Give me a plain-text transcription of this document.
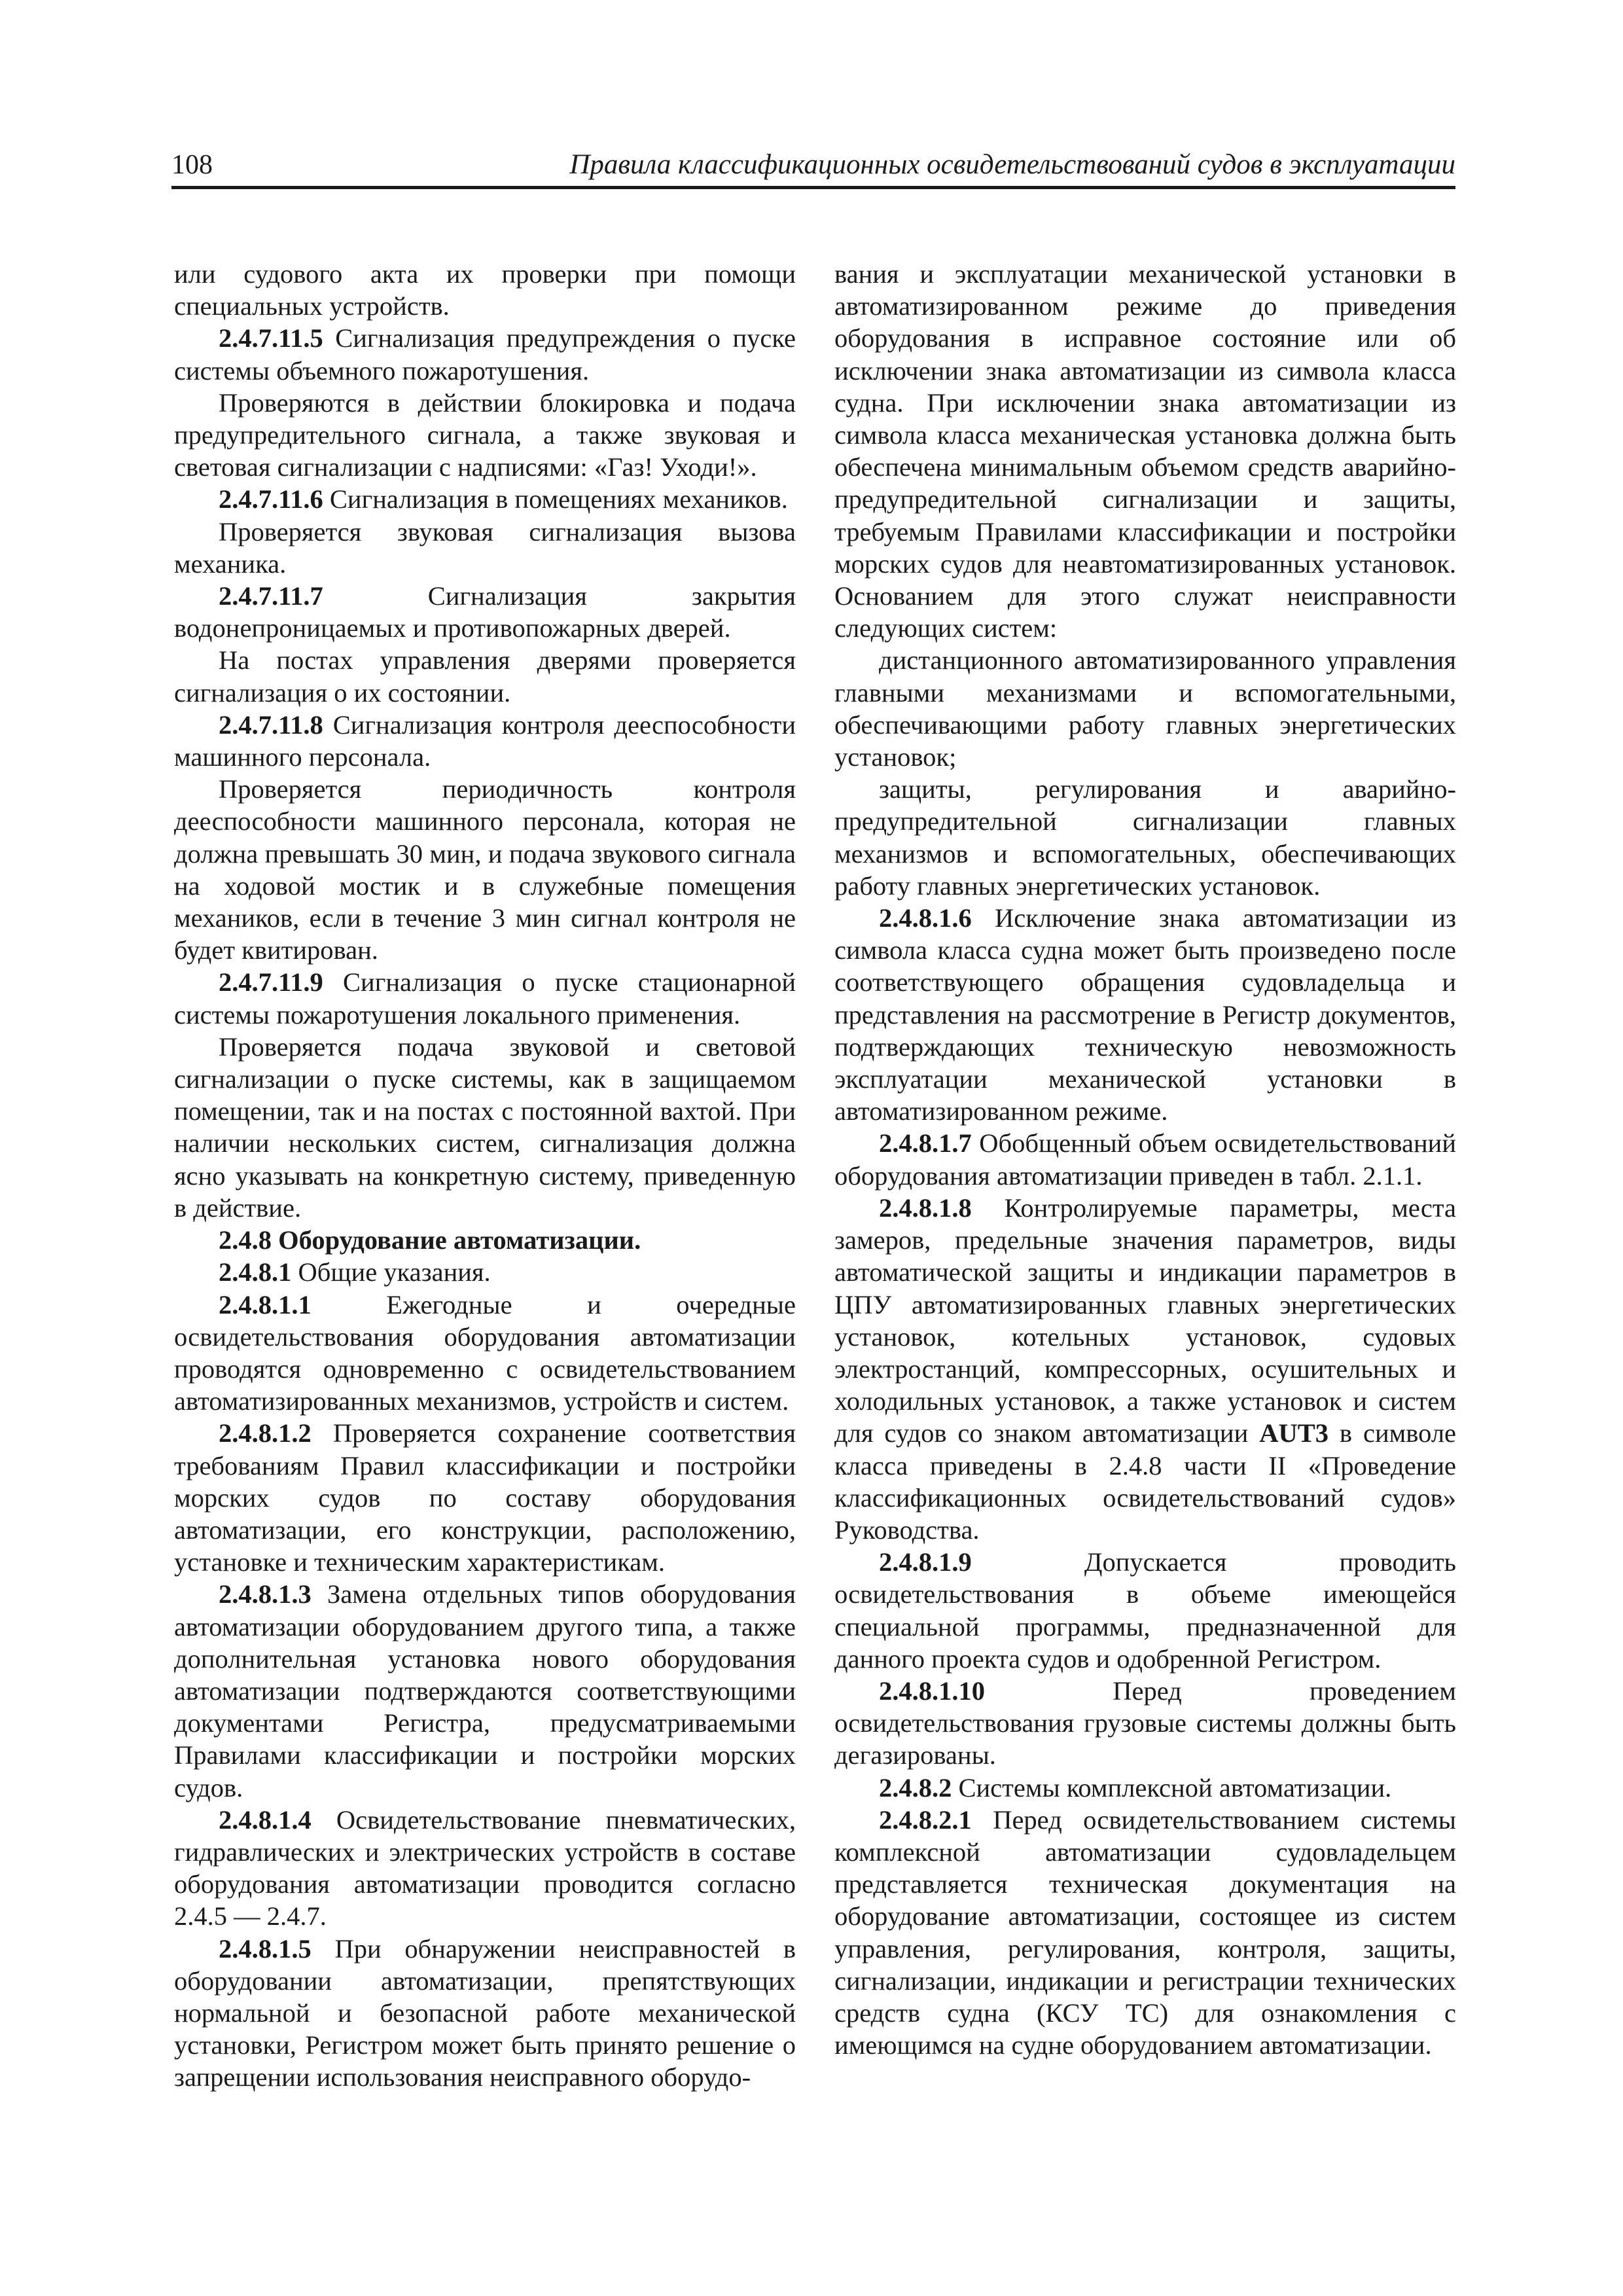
108	Правила классификационных освидетельствований судов в эксплуатации

или судового акта их проверки при помощи специальных устройств.

2.4.7.11.5 Сигнализация предупреждения о пуске системы объемного пожаротушения.

Проверяются в действии блокировка и подача предупредительного сигнала, а также звуковая и световая сигнализации с надписями: «Газ! Уходи!».

2.4.7.11.6 Сигнализация в помещениях механиков.

Проверяется звуковая сигнализация вызова механика.

2.4.7.11.7	Сигнализация закрытия водонепроницаемых и противопожарных дверей.

На постах управления дверями проверяется сигнализация о их состоянии.

2.4.7.11.8 Сигнализация контроля дееспособности машинного персонала.

Проверяется периодичность контроля дееспособности машинного персонала, которая не должна превышать 30 мин, и подача звукового сигнала на ходовой мостик и в служебные помещения механиков, если в течение 3 мин сигнал контроля не будет квитирован.

2.4.7.11.9 Сигнализация о пуске стационарной системы пожаротушения локального применения.

Проверяется подача звуковой и световой сигнализации о пуске системы, как в защищаемом помещении, так и на постах с постоянной вахтой. При наличии нескольких систем, сигнализация должна ясно указывать на конкретную систему, приведенную в действие.

2.4.8 Оборудование автоматизации.

2.4.8.1 Общие указания.

2.4.8.1.1	Ежегодные и очередные освидетельствования оборудования автоматизации проводятся одновременно с освидетельствованием автоматизированных механизмов, устройств и систем.

2.4.8.1.2 Проверяется сохранение соответствия требованиям Правил классификации и постройки морских судов по составу оборудования автоматизации, его конструкции, расположению, установке и техническим характеристикам.

2.4.8.1.3 Замена отдельных типов оборудования автоматизации оборудованием другого типа, а также дополнительная установка нового оборудования автоматизации подтверждаются соответствующими документами Регистра, предусматриваемыми Правилами классификации и постройки морских судов.

2.4.8.1.4 Освидетельствование пневматических, гидравлических и электрических устройств в составе оборудования автоматизации проводится согласно 2.4.5 — 2.4.7.

2.4.8.1.5 При обнаружении неисправностей в оборудовании автоматизации, препятствующих нормальной и безопасной работе механической установки, Регистром может быть принято решение о запрещении использования неисправного оборудо-

вания и эксплуатации механической установки в автоматизированном режиме до приведения оборудования в исправное состояние или об исключении знака автоматизации из символа класса судна. При исключении знака автоматизации из символа класса механическая установка должна быть обеспечена минимальным объемом средств аварийно-предупредительной сигнализации и защиты, требуемым Правилами классификации и постройки морских судов для неавтоматизированных установок. Основанием для этого служат неисправности следующих систем:

дистанционного автоматизированного управления главными механизмами и вспомогательными, обеспечивающими работу главных энергетических установок;

защиты, регулирования и аварийно-предупредительной сигнализации главных механизмов и вспомогательных, обеспечивающих работу главных энергетических установок.

2.4.8.1.6 Исключение знака автоматизации из символа класса судна может быть произведено после соответствующего обращения судовладельца и представления на рассмотрение в Регистр документов, подтверждающих техническую невозможность эксплуатации механической установки в автоматизированном режиме.

2.4.8.1.7 Обобщенный объем освидетельствований оборудования автоматизации приведен в табл. 2.1.1.

2.4.8.1.8 Контролируемые параметры, места замеров, предельные значения параметров, виды автоматической защиты и индикации параметров в ЦПУ автоматизированных главных энергетических установок, котельных установок, судовых электростанций, компрессорных, осушительных и холодильных установок, а также установок и систем для судов со знаком автоматизации AUT3 в символе класса приведены в 2.4.8 части II «Проведение классификационных освидетельствований судов» Руководства.

2.4.8.1.9	Допускается проводить освидетельствования в объеме имеющейся специальной программы, предназначенной для данного проекта судов и одобренной Регистром.

2.4.8.1.10	Перед проведением освидетельствования грузовые системы должны быть дегазированы.

2.4.8.2 Системы комплексной автоматизации.

2.4.8.2.1 Перед освидетельствованием системы комплексной автоматизации судовладельцем представляется техническая документация на оборудование автоматизации, состоящее из систем управления, регулирования, контроля, защиты, сигнализации, индикации и регистрации технических средств судна (КСУ ТС) для ознакомления с имеющимся на судне оборудованием автоматизации.
